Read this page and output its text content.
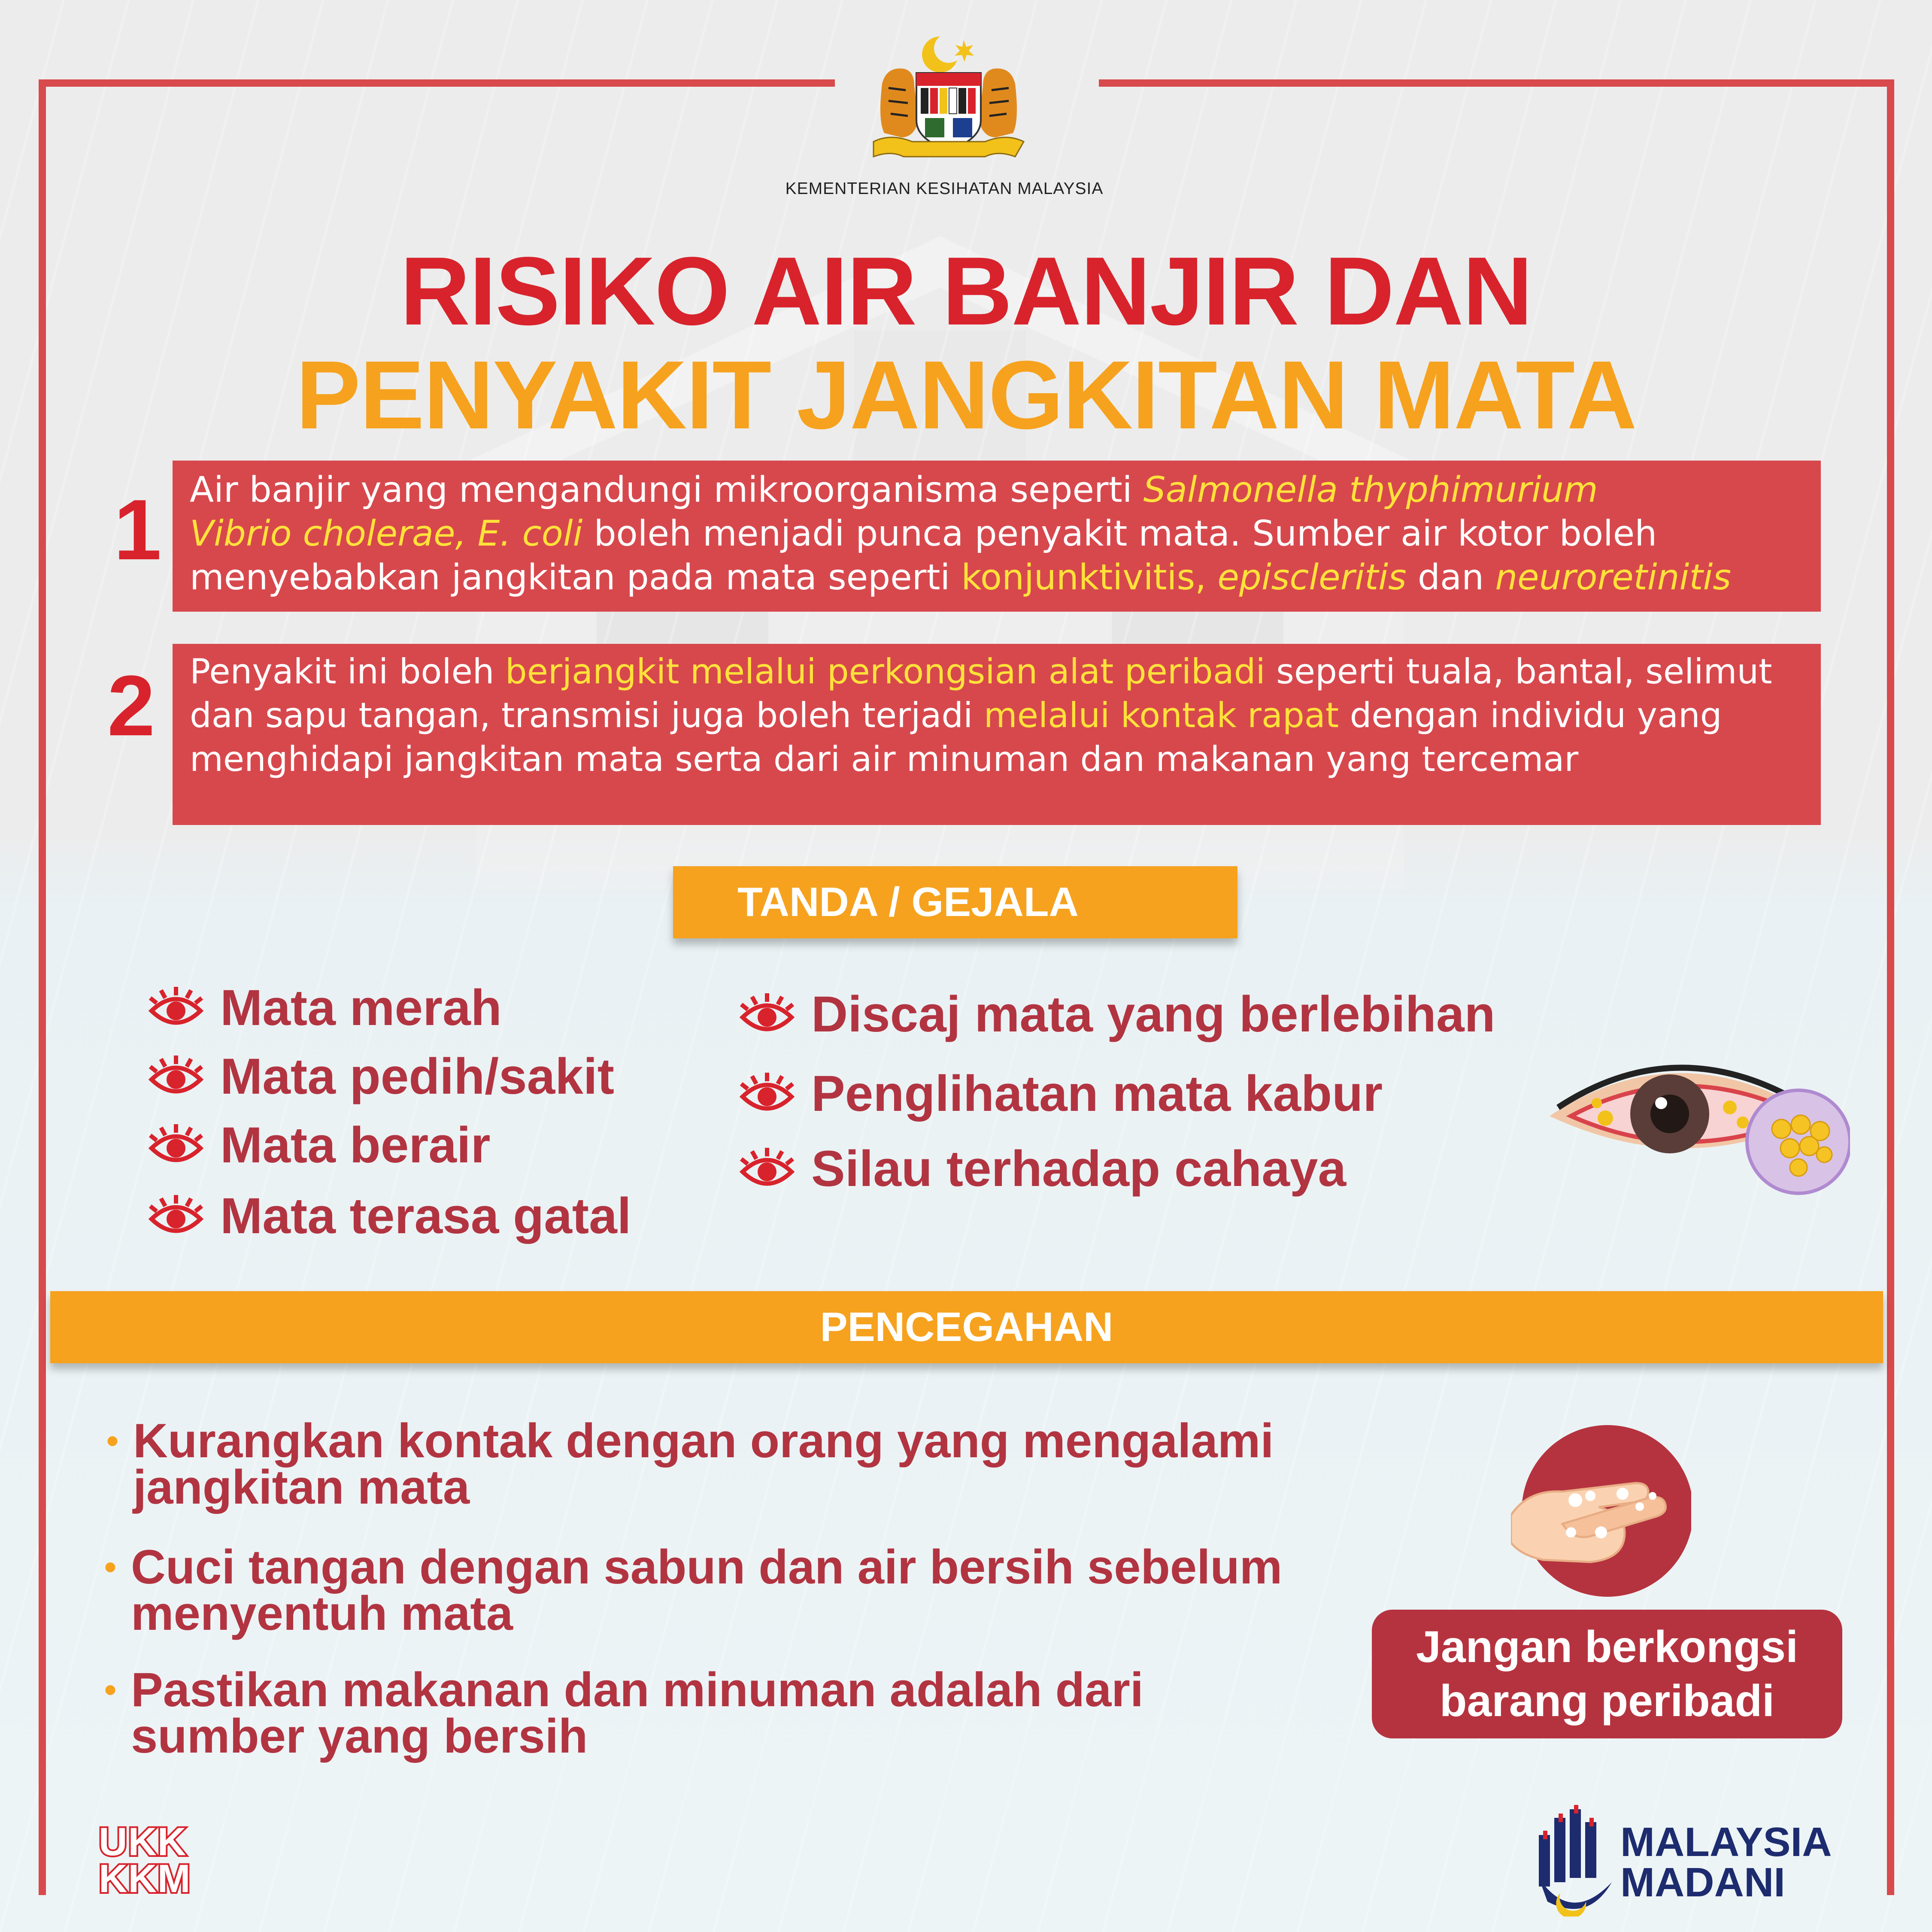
KEMENTERIAN KESIHATAN MALAYSIA
RISIKO AIR BANJIR DAN
PENYAKIT JANGKITAN MATA
1 Air banjir yang mengandungi mikroorganisma seperti Salmonella thyphimurium
Vibrio cholerae, E. coli boleh menjadi punca penyakit mata. Sumber air kotor boleh menyebabkan jangkitan pada mata seperti konjunktivitis, episcleritis dan neuroretinitis
2	Penyakit ini boleh berjangkit melalui perkongsian alat peribadi seperti tuala, bantal, selimut dan sapu tangan, transmisi juga boleh terjadi melalui kontak rapat dengan individu yang menghidapi jangkitan mata serta dari air minuman dan makanan yang tercemar
TANDA / GEJALA
Mata merah
Mata pedih/sakit
Mata berair
Mata terasa gatal
Discaj mata yang berlebihan
Penglihatan mata kabur
Silau terhadap cahaya
PENCEGAHAN
• Kurangkan kontak dengan orang yang mengalami
jangkitan mata
• Cuci tangan dengan sabun dan air bersih sebelum
menyentuh mata
• Pastikan makanan dan minuman adalah dari
sumber yang bersih
Jangan berkongsi
barang peribadi
UKK
KKM
MALAYSIA
MADANI
